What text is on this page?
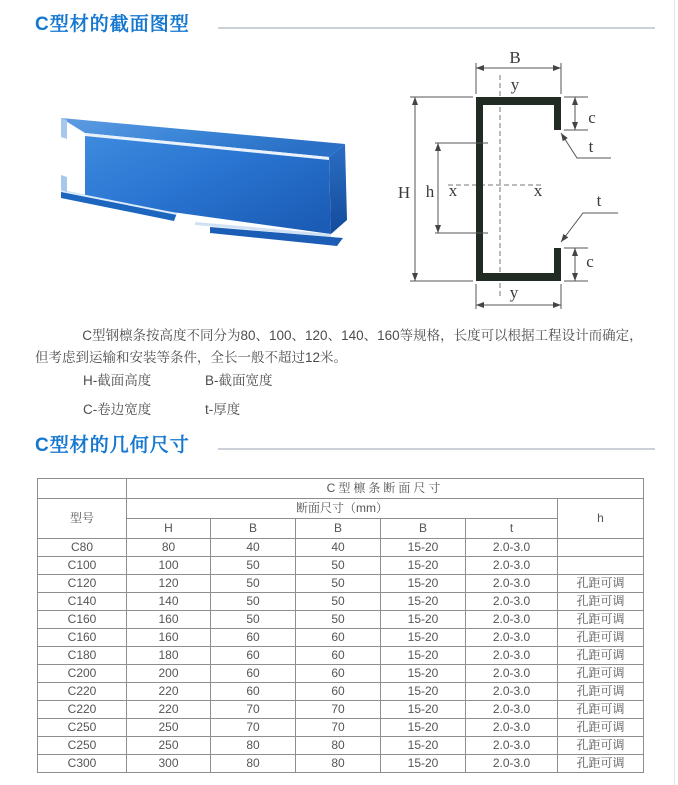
C型材的截面图型
B
y
H h x	x
c
t
t
c
y
C型钢檩条按高度不同分为80、100、120、140、160等规格，长度可以根据工程设计而确定，
但考虑到运输和安装等条件，全长一般不超过12米。
H-截面高度	B-截面宽度
C-卷边宽度	t-厚度
C型材的几何尺寸
	C型檩条断面尺寸					
型号	断面尺寸（mm）					h
	H	B	B	B	t	
C80	80	40	40	15-20	2.0-3.0	
C100	100	50	50	15-20	2.0-3.0	
C120	120	50	50	15-20	2.0-3.0	孔距可调
C140	140	50	50	15-20	2.0-3.0	孔距可调
C160	160	50	50	15-20	2.0-3.0	孔距可调
C160	160	60	60	15-20	2.0-3.0	孔距可调
C180	180	60	60	15-20	2.0-3.0	孔距可调
C200	200	60	60	15-20	2.0-3.0	孔距可调
C220	220	60	60	15-20	2.0-3.0	孔距可调
C220	220	70	70	15-20	2.0-3.0	孔距可调
C250	250	70	70	15-20	2.0-3.0	孔距可调
C250	250	80	80	15-20	2.0-3.0	孔距可调
C300	300	80	80	15-20	2.0-3.0	孔距可调
